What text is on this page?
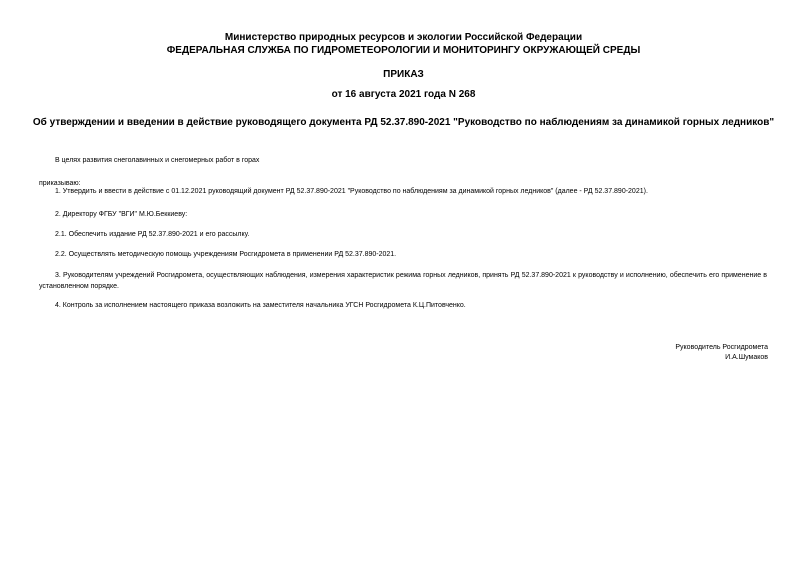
Министерство природных ресурсов и экологии Российской Федерации
ФЕДЕРАЛЬНАЯ СЛУЖБА ПО ГИДРОМЕТЕОРОЛОГИИ И МОНИТОРИНГУ ОКРУЖАЮЩЕЙ СРЕДЫ
ПРИКАЗ
от 16 августа 2021 года N 268
Об утверждении и введении в действие руководящего документа РД 52.37.890-2021 "Руководство по наблюдениям за динамикой горных ледников"
В целях развития снеголавинных и снегомерных работ в горах
приказываю:
1. Утвердить и ввести в действие с 01.12.2021 руководящий документ РД 52.37.890-2021 "Руководство по наблюдениям за динамикой горных ледников" (далее - РД 52.37.890-2021).
2. Директору ФГБУ "ВГИ" М.Ю.Беккиеву:
2.1. Обеспечить издание РД 52.37.890-2021 и его рассылку.
2.2. Осуществлять методическую помощь учреждениям Росгидромета в применении РД 52.37.890-2021.
3. Руководителям учреждений Росгидромета, осуществляющих наблюдения, измерения характеристик режима горных ледников, принять РД 52.37.890-2021 к руководству и исполнению, обеспечить его применение в установленном порядке.
4. Контроль за исполнением настоящего приказа возложить на заместителя начальника УГСН Росгидромета К.Ц.Питовченко.
Руководитель Росгидромета
И.А.Шумаков
